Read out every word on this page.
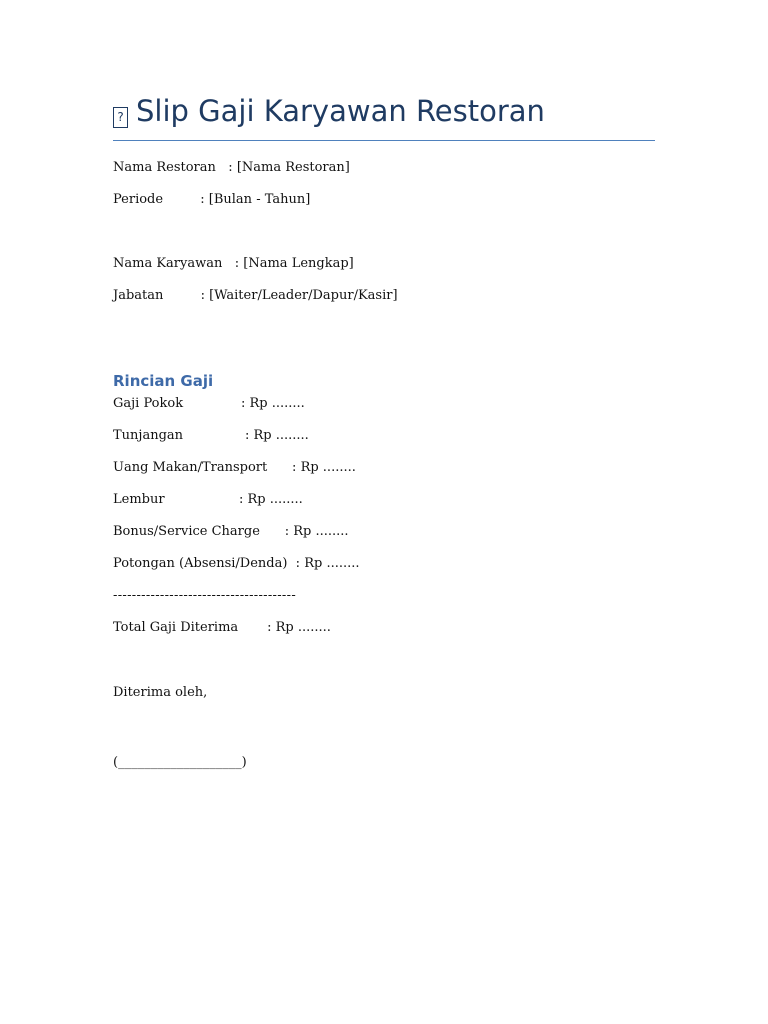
? Slip Gaji Karyawan Restoran

Nama Restoran   : [Nama Restoran]

Periode         : [Bulan - Tahun]

Nama Karyawan   : [Nama Lengkap]

Jabatan         : [Waiter/Leader/Dapur/Kasir]

Rincian Gaji

Gaji Pokok              : Rp ........

Tunjangan               : Rp ........

Uang Makan/Transport      : Rp ........

Lembur                  : Rp ........

Bonus/Service Charge      : Rp ........

Potongan (Absensi/Denda)  : Rp ........

---------------------------------------

Total Gaji Diterima       : Rp ........

Diterima oleh,

(___________________)
